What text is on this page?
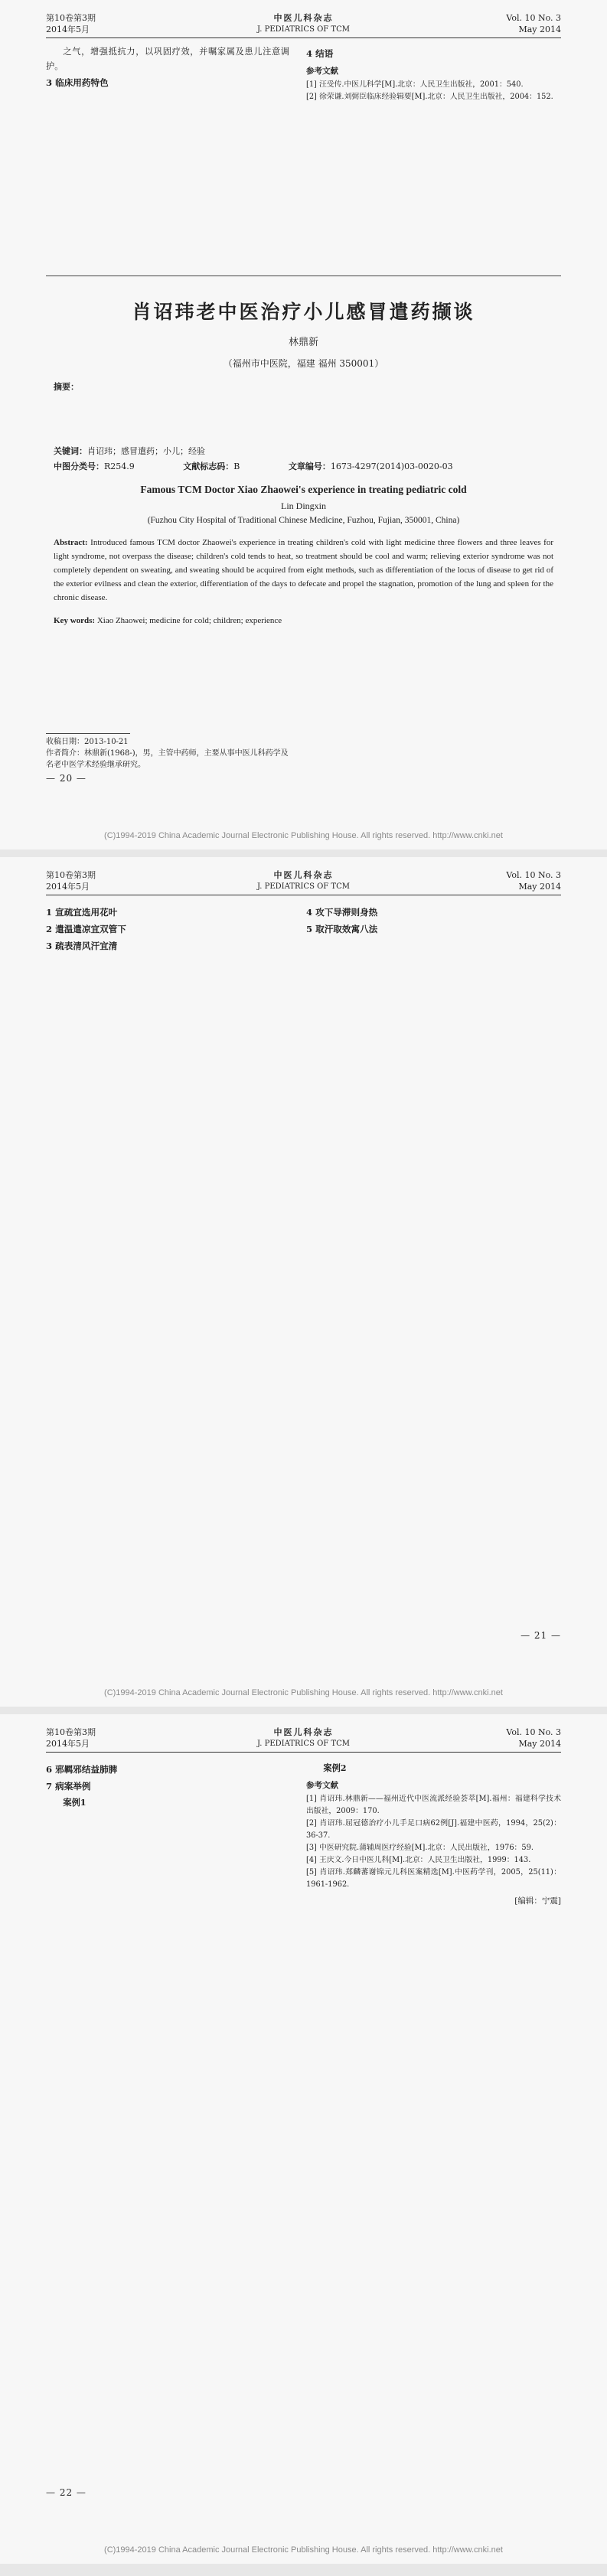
第10卷第3期
2014年5月
中医儿科杂志
J. PEDIATRICS OF TCM
Vol. 10 No. 3
May 2014

之气，增强抵抗力，以巩固疗效，并嘱家属及患儿注意调护。

3 临床用药特色

4 结语

参考文献
[1] 汪受传.中医儿科学[M].北京：人民卫生出版社，2001：540.
[2] 徐荣谦.刘弼臣临床经验辑要[M].北京：人民卫生出版社，2004：152.
肖诏玮老中医治疗小儿感冒遣药撷谈
林鼎新
（福州市中医院，福建 福州 350001）
摘要：
关键词：肖诏玮；感冒遣药；小儿；经验
中图分类号：R254.9	文献标志码：B	文章编号：1673-4297(2014)03-0020-03
Famous TCM Doctor Xiao Zhaowei's experience in treating pediatric cold
Lin Dingxin
(Fuzhou City Hospital of Traditional Chinese Medicine, Fuzhou, Fujian, 350001, China)
Abstract: Introduced famous TCM doctor Zhaowei's experience in treating children's cold with light medicine three flowers and three leaves for light syndrome, not overpass the disease; children's cold tends to heat, so treatment should be cool and warm; relieving exterior syndrome was not completely dependent on sweating, and sweating should be acquired from eight methods, such as differentiation of the locus of disease to get rid of the exterior evilness and clean the exterior, differentiation of the days to defecate and propel the stagnation, promotion of the lung and spleen for the chronic disease.
Key words: Xiao Zhaowei; medicine for cold; children; experience

收稿日期：2013-10-21
作者简介：林鼎新(1968-)，男，主管中药师，主要从事中医儿科药学及名老中医学术经验继承研究。
— 20 —
(C)1994-2019 China Academic Journal Electronic Publishing House. All rights reserved. http://www.cnki.net
第10卷第3期
2014年5月
中医儿科杂志
J. PEDIATRICS OF TCM
Vol. 10 No. 3
May 2014

1 宣疏宜选用花叶

2 遣温遣凉宜双管下

3 疏表清风汗宜清

4 攻下导滞则身热

5 取汗取效寓八法

— 21 —
(C)1994-2019 China Academic Journal Electronic Publishing House. All rights reserved. http://www.cnki.net
第10卷第3期
2014年5月
中医儿科杂志
J. PEDIATRICS OF TCM
Vol. 10 No. 3
May 2014

6 邪羁邪结益肺脾

7 病案举例

案例1

案例2

参考文献
[1] 肖诏玮.林鼎新——福州近代中医流派经验荟萃[M].福州：福建科学技术出版社，2009：170.
[2] 肖诏玮.屈冠德治疗小儿手足口病62例[J].福建中医药，1994，25(2)：36-37.
[3] 中医研究院.蒲辅周医疗经验[M].北京：人民出版社，1976：59.
[4] 王庆文.今日中医儿科[M].北京：人民卫生出版社，1999：143.
[5] 肖诏玮.郑麟蕃谢锦元儿科医案精选[M].中医药学刊，2005，25(11)：1961-1962.
[编辑：宁震]
— 22 —
(C)1994-2019 China Academic Journal Electronic Publishing House. All rights reserved. http://www.cnki.net
